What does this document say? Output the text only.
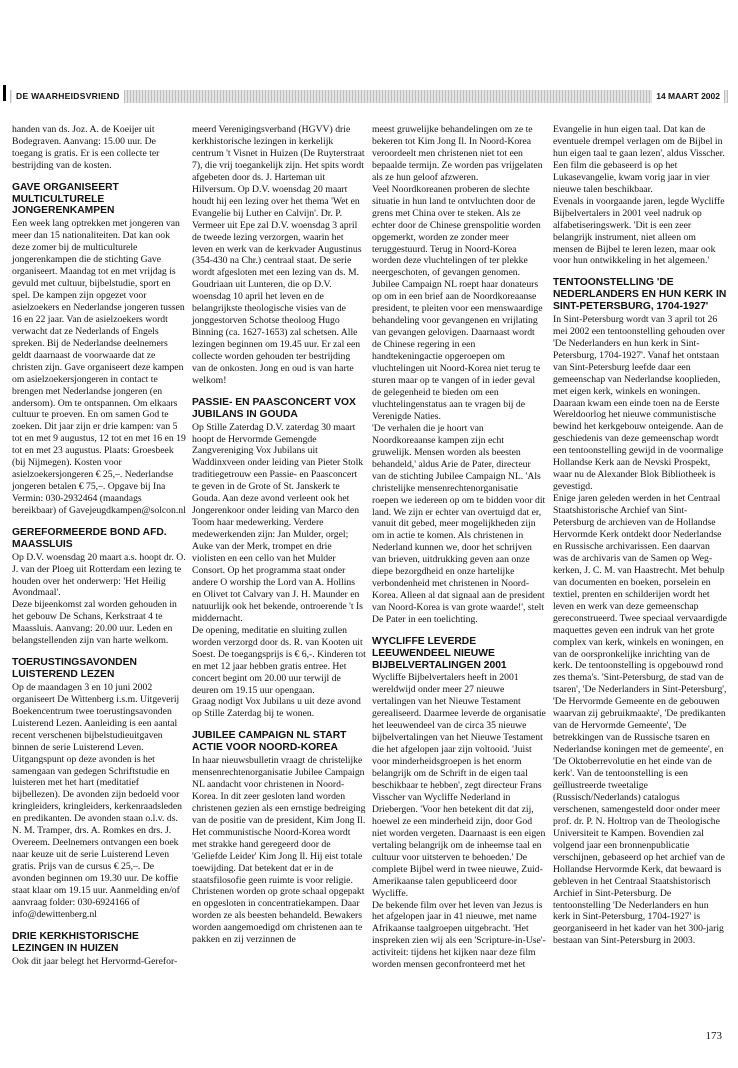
DE WAARHEIDSVRIEND	14 MAART 2002

handen van ds. Joz. A. de Koeijer uit Bodegraven. Aanvang: 15.00 uur. De toegang is gratis. Er is een collecte ter bestrijding van de kosten.

GAVE ORGANISEERT MULTICULTURELE JONGERENKAMPEN

Een week lang optrekken met jongeren van meer dan 15 nationaliteiten. Dat kan ook deze zomer bij de multiculturele jongerenkampen die de stichting Gave organiseert. Maandag tot en met vrijdag is gevuld met cultuur, bijbelstudie, sport en spel. De kampen zijn opgezet voor asielzoekers en Nederlandse jongeren tussen 16 en 22 jaar. Van de asielzoekers wordt verwacht dat ze Nederlands of Engels spreken. Bij de Nederlandse deelnemers geldt daarnaast de voorwaarde dat ze christen zijn. Gave organiseert deze kampen om asielzoekersjongeren in contact te brengen met Nederlandse jongeren (en andersom). Om te ontspannen. Om elkaars cultuur te proeven. En om samen God te zoeken. Dit jaar zijn er drie kampen: van 5 tot en met 9 augustus, 12 tot en met 16 en 19 tot en met 23 augustus. Plaats: Groesbeek (bij Nijmegen). Kosten voor asielzoekersjongeren € 25,–. Nederlandse jongeren betalen € 75,–. Opgave bij Ina Vermin: 030-2932464 (maandags bereikbaar) of Gavejeugdkampen@solcon.nl

GEREFORMEERDE BOND AFD. MAASSLUIS

Op D.V. woensdag 20 maart a.s. hoopt dr. O. J. van der Ploeg uit Rotterdam een lezing te houden over het onderwerp: 'Het Heilig Avondmaal'.

Deze bijeenkomst zal worden gehouden in het gebouw De Schans, Kerkstraat 4 te Maassluis. Aanvang: 20.00 uur. Leden en belangstellenden zijn van harte welkom.

TOERUSTINGSAVONDEN LUISTEREND LEZEN

Op de maandagen 3 en 10 juni 2002 organiseert De Wittenberg i.s.m. Uitgeverij Boekencentrum twee toerustingsavonden Luisterend Lezen. Aanleiding is een aantal recent verschenen bijbelstudieuitgaven binnen de serie Luisterend Leven. Uitgangspunt op deze avonden is het samengaan van gedegen Schriftstudie en luisteren met het hart (meditatief bijbellezen). De avonden zijn bedoeld voor kringleiders, kringleiders, kerkenraadsleden en predikanten. De avonden staan o.l.v. ds. N. M. Tramper, drs. A. Romkes en drs. J. Overeem. Deelnemers ontvangen een boek naar keuze uit de serie Luisterend Leven gratis. Prijs van de cursus € 25,–. De avonden beginnen om 19.30 uur. De koffie staat klaar om 19.15 uur. Aanmelding en/of aanvraag folder: 030-6924166 of info@dewittenberg.nl

DRIE KERKHISTORISCHE LEZINGEN IN HUIZEN

Ook dit jaar belegt het Hervormd-Gerefor-

meerd Verenigingsverband (HGVV) drie kerkhistorische lezingen in kerkelijk centrum 't Visnet in Huizen (De Ruyterstraat 7), die vrij toegankelijk zijn. Het spits wordt afgebeten door ds. J. Harteman uit Hilversum. Op D.V. woensdag 20 maart houdt hij een lezing over het thema 'Wet en Evangelie bij Luther en Calvijn'. Dr. P. Vermeer uit Epe zal D.V. woensdag 3 april de tweede lezing verzorgen, waarin het leven en werk van de kerkvader Augustinus (354-430 na Chr.) centraal staat. De serie wordt afgesloten met een lezing van ds. M. Goudriaan uit Lunteren, die op D.V. woensdag 10 april het leven en de belangrijkste theologische visies van de jonggestorven Schotse theoloog Hugo Binning (ca. 1627-1653) zal schetsen. Alle lezingen beginnen om 19.45 uur. Er zal een collecte worden gehouden ter bestrijding van de onkosten. Jong en oud is van harte welkom!

PASSIE- EN PAASCONCERT VOX JUBILANS IN GOUDA

Op Stille Zaterdag D.V. zaterdag 30 maart hoopt de Hervormde Gemengde Zangvereniging Vox Jubilans uit Waddinxveen onder leiding van Pieter Stolk traditiegetrouw een Passie- en Paasconcert te geven in de Grote of St. Janskerk te Gouda. Aan deze avond verleent ook het Jongerenkoor onder leiding van Marco den Toom haar medewerking. Verdere medewerkenden zijn: Jan Mulder, orgel; Auke van der Merk, trompet en drie violisten en een cello van het Mulder Consort. Op het programma staat onder andere O worship the Lord van A. Hollins en Olivet tot Calvary van J. H. Maunder en natuurlijk ook het bekende, ontroerende 't Is middernacht.

De opening, meditatie en sluiting zullen worden verzorgd door ds. R. van Kooten uit Soest. De toegangsprijs is € 6,-. Kinderen tot en met 12 jaar hebben gratis entree. Het concert begint om 20.00 uur terwijl de deuren om 19.15 uur opengaan.

Graag nodigt Vox Jubilans u uit deze avond op Stille Zaterdag bij te wonen.

JUBILEE CAMPAIGN NL START ACTIE VOOR NOORD-KOREA

In haar nieuwsbulletin vraagt de christelijke mensenrechtenorganisatie Jubilee Campaign NL aandacht voor christenen in Noord-Korea. In dit zeer gesloten land worden christenen gezien als een ernstige bedreiging van de positie van de president, Kim Jong Il.

Het communistische Noord-Korea wordt met strakke hand geregeerd door de 'Geliefde Leider' Kim Jong Il. Hij eist totale toewijding. Dat betekent dat er in de staatsfilosofie geen ruimte is voor religie. Christenen worden op grote schaal opgepakt en opgesloten in concentratiekampen. Daar worden ze als beesten behandeld. Bewakers worden aangemoedigd om christenen aan te pakken en zij verzinnen de

meest gruwelijke behandelingen om ze te bekeren tot Kim Jong Il. In Noord-Korea veroordeelt men christenen niet tot een bepaalde termijn. Ze worden pas vrijgelaten als ze hun geloof afzweren.

Veel Noordkoreanen proberen de slechte situatie in hun land te ontvluchten door de grens met China over te steken. Als ze echter door de Chinese grenspolitie worden opgemerkt, worden ze zonder meer teruggestuurd. Terug in Noord-Korea worden deze vluchtelingen of ter plekke neergeschoten, of gevangen genomen.

Jubilee Campaign NL roept haar donateurs op om in een brief aan de Noordkoreaanse president, te pleiten voor een menswaardige behandeling voor gevangenen en vrijlating van gevangen gelovigen. Daarnaast wordt de Chinese regering in een handtekeningactie opgeroepen om vluchtelingen uit Noord-Korea niet terug te sturen maar op te vangen of in ieder geval de gelegenheid te bieden om een vluchtelingenstatus aan te vragen bij de Verenigde Naties.

'De verhalen die je hoort van Noordkoreaanse kampen zijn echt gruwelijk. Mensen worden als beesten behandeld,' aldus Arie de Pater, directeur van de stichting Jubilee Campaign NL. 'Als christelijke mensenrechtenorganisatie roepen we iedereen op om te bidden voor dit land. We zijn er echter van overtuigd dat er, vanuit dit gebed, meer mogelijkheden zijn om in actie te komen. Als christenen in Nederland kunnen we, door het schrijven van brieven, uitdrukking geven aan onze diepe bezorgdheid en onze hartelijke verbondenheid met christenen in Noord-Korea. Alleen al dat signaal aan de president van Noord-Korea is van grote waarde!', stelt De Pater in een toelichting.

WYCLIFFE LEVERDE LEEUWENDEEL NIEUWE BIJBELVERTALINGEN 2001

Wycliffe Bijbelvertalers heeft in 2001 wereldwijd onder meer 27 nieuwe vertalingen van het Nieuwe Testament gerealiseerd. Daarmee leverde de organisatie het leeuwendeel van de circa 35 nieuwe bijbelvertalingen van het Nieuwe Testament die het afgelopen jaar zijn voltooid. 'Juist voor minderheidsgroepen is het enorm belangrijk om de Schrift in de eigen taal beschikbaar te hebben', zegt directeur Frans Visscher van Wycliffe Nederland in Driebergen. 'Voor hen betekent dit dat zij, hoewel ze een minderheid zijn, door God niet worden vergeten. Daarnaast is een eigen vertaling belangrijk om de inheemse taal en cultuur voor uitsterven te behoeden.' De complete Bijbel werd in twee nieuwe, Zuid-Amerikaanse talen gepubliceerd door Wycliffe.

De bekende film over het leven van Jezus is het afgelopen jaar in 41 nieuwe, met name Afrikaanse taalgroepen uitgebracht. 'Het inspreken zien wij als een 'Scripture-in-Use'-activiteit: tijdens het kijken naar deze film worden mensen geconfronteerd met het

Evangelie in hun eigen taal. Dat kan de eventuele drempel verlagen om de Bijbel in hun eigen taal te gaan lezen', aldus Visscher. Een film die gebaseerd is op het Lukasevangelie, kwam vorig jaar in vier nieuwe talen beschikbaar.

Evenals in voorgaande jaren, legde Wycliffe Bijbelvertalers in 2001 veel nadruk op alfabetiseringswerk. 'Dit is een zeer belangrijk instrument, niet alleen om mensen de Bijbel te leren lezen, maar ook voor hun ontwikkeling in het algemeen.'

TENTOONSTELLING 'DE NEDERLANDERS EN HUN KERK IN SINT-PETERSBURG, 1704-1927'

In Sint-Petersburg wordt van 3 april tot 26 mei 2002 een tentoonstelling gehouden over 'De Nederlanders en hun kerk in Sint-Petersburg, 1704-1927'. Vanaf het ontstaan van Sint-Petersburg leefde daar een gemeenschap van Nederlandse kooplieden, met eigen kerk, winkels en woningen. Daaraan kwam een einde toen na de Eerste Wereldoorlog het nieuwe communistische bewind het kerkgebouw onteigende. Aan de geschiedenis van deze gemeenschap wordt een tentoonstelling gewijd in de voormalige Hollandse Kerk aan de Nevski Prospekt, waar nu de Alexander Blok Bibliotheek is gevestigd.

Enige jaren geleden werden in het Centraal Staatshistorische Archief van Sint-Petersburg de archieven van de Hollandse Hervormde Kerk ontdekt door Nederlandse en Russische archivarissen. Een daarvan was de archivaris van de Samen op Weg-kerken, J. C. M. van Haastrecht. Met behulp van documenten en boeken, porselein en textiel, prenten en schilderijen wordt het leven en werk van deze gemeenschap gereconstrueerd. Twee speciaal vervaardigde maquettes geven een indruk van het grote complex van kerk, winkels en woningen, en van de oorspronkelijke inrichting van de kerk. De tentoonstelling is opgebouwd rond zes thema's. 'Sint-Petersburg, de stad van de tsaren', 'De Nederlanders in Sint-Petersburg', 'De Hervormde Gemeente en de gebouwen waarvan zij gebruikmaakte', 'De predikanten van de Hervormde Gemeente', 'De betrekkingen van de Russische tsaren en Nederlandse koningen met de gemeente', en 'De Oktoberrevolutie en het einde van de kerk'. Van de tentoonstelling is een geïllustreerde tweetalige (Russisch/Nederlands) catalogus verschenen, samengesteld door onder meer prof. dr. P. N. Holtrop van de Theologische Universiteit te Kampen. Bovendien zal volgend jaar een bronnenpublicatie verschijnen, gebaseerd op het archief van de Hollandse Hervormde Kerk, dat bewaard is gebleven in het Centraal Staatshistorisch Archief in Sint-Petersburg. De tentoonstelling 'De Nederlanders en hun kerk in Sint-Petersburg, 1704-1927' is georganiseerd in het kader van het 300-jarig bestaan van Sint-Petersburg in 2003.

173
